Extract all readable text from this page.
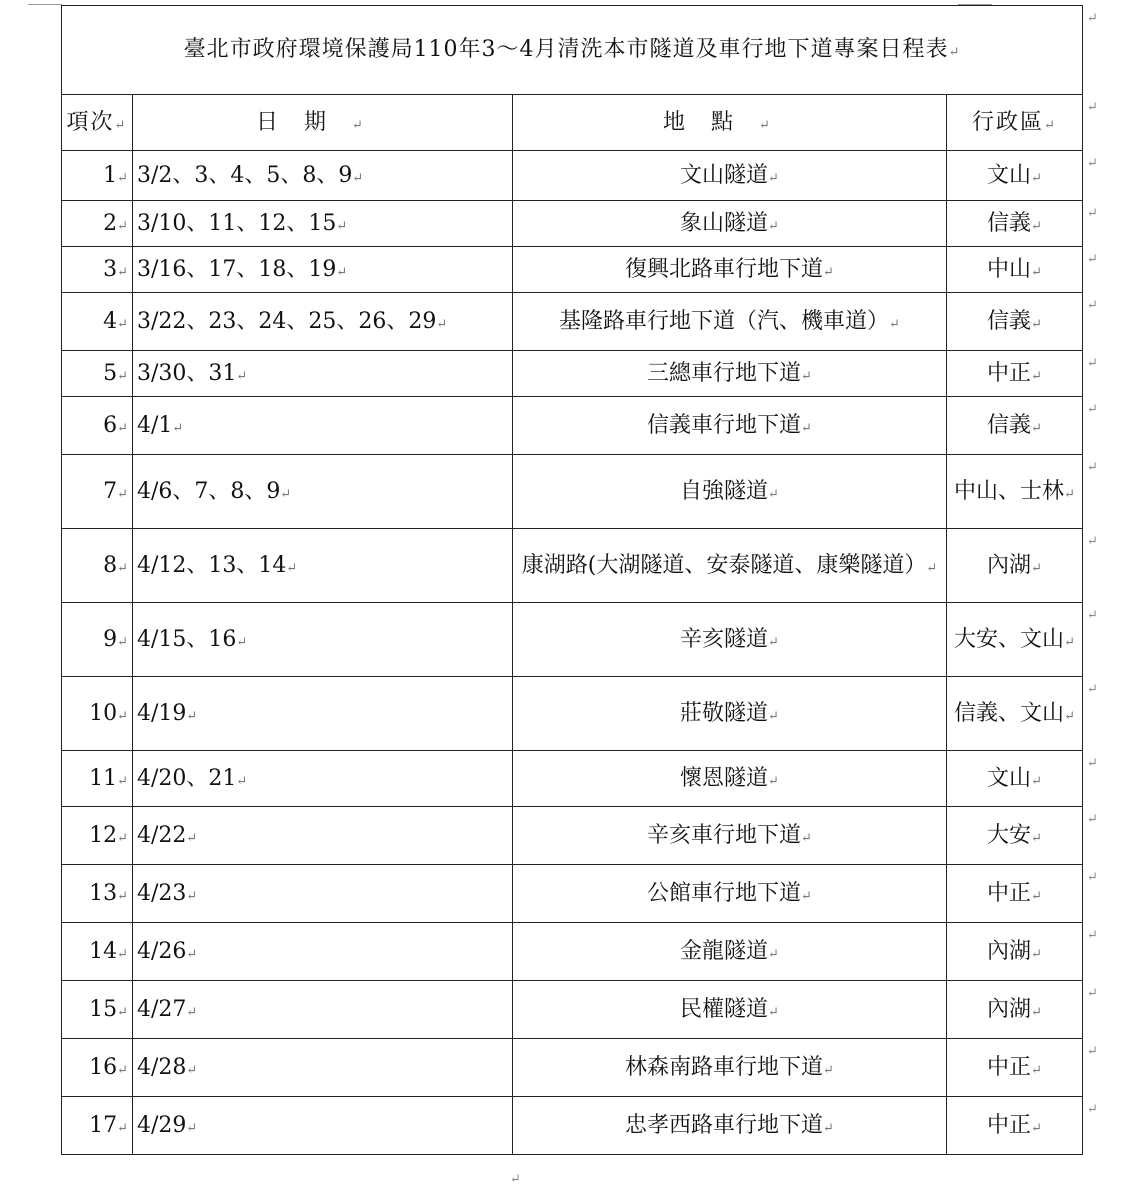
臺北市政府環境保護局110年3～4月清洗本市隧道及車行地下道專案日程表↵			
項次↵	日期↵	地點↵	行政區↵
1↵	3/2、3、4、5、8、9↵	文山隧道↵	文山↵
2↵	3/10、11、12、15↵	象山隧道↵	信義↵
3↵	3/16、17、18、19↵	復興北路車行地下道↵	中山↵
4↵	3/22、23、24、25、26、29↵	基隆路車行地下道（汽、機車道）↵	信義↵
5↵	3/30、31↵	三總車行地下道↵	中正↵
6↵	4/1↵	信義車行地下道↵	信義↵
7↵	4/6、7、8、9↵	自強隧道↵	中山、士林↵
8↵	4/12、13、14↵	康湖路(大湖隧道、安泰隧道、康樂隧道）↵	內湖↵
9↵	4/15、16↵	辛亥隧道↵	大安、文山↵
10↵	4/19↵	莊敬隧道↵	信義、文山↵
11↵	4/20、21↵	懷恩隧道↵	文山↵
12↵	4/22↵	辛亥車行地下道↵	大安↵
13↵	4/23↵	公館車行地下道↵	中正↵
14↵	4/26↵	金龍隧道↵	內湖↵
15↵	4/27↵	民權隧道↵	內湖↵
16↵	4/28↵	林森南路車行地下道↵	中正↵
17↵	4/29↵	忠孝西路車行地下道↵	中正↵
↵
↵
↵
↵
↵
↵
↵
↵
↵
↵
↵
↵
↵
↵
↵
↵
↵
↵
↵
↵
